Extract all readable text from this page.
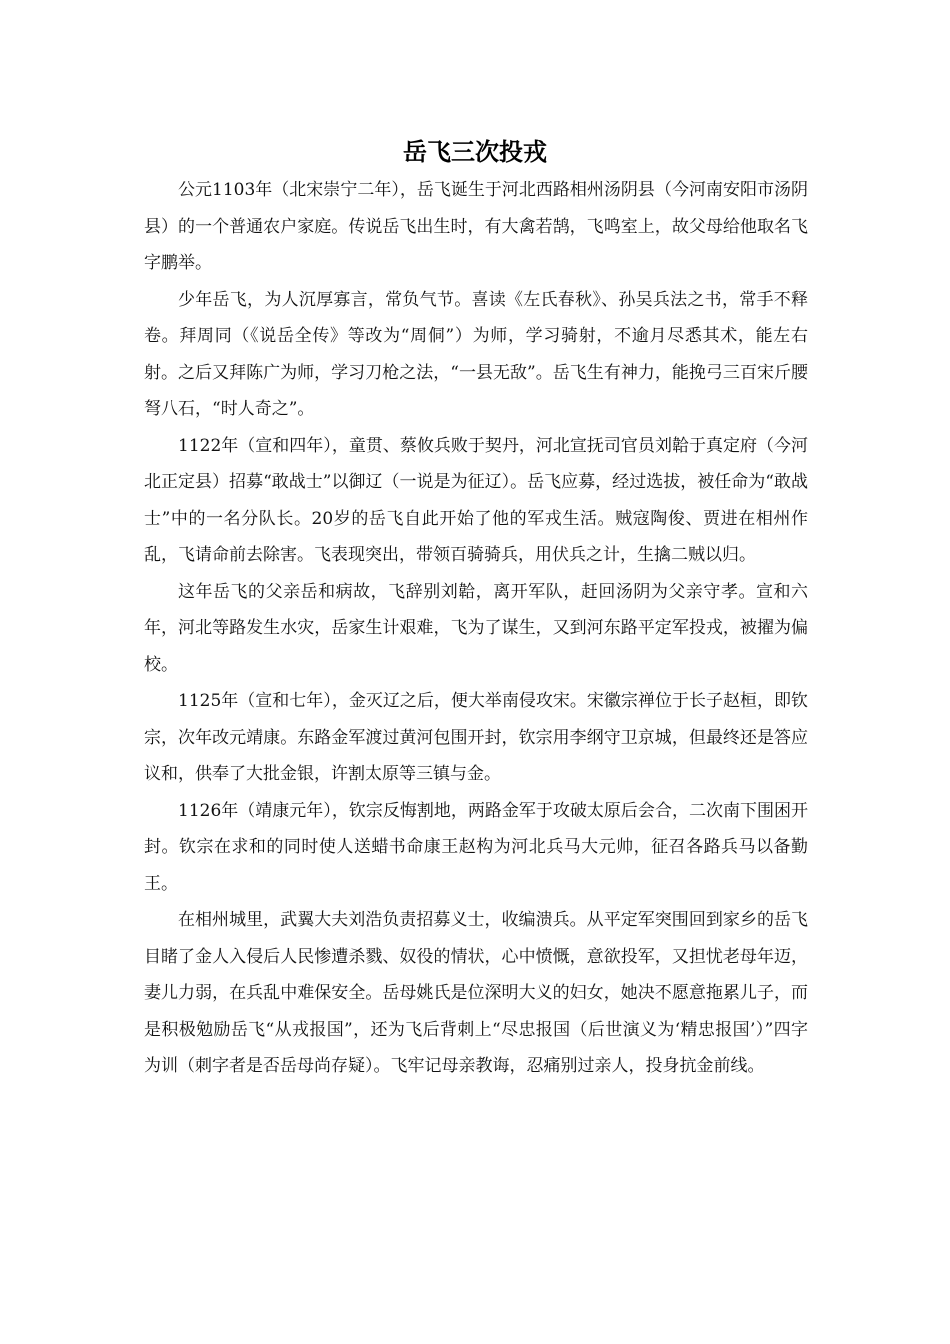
岳飞三次投戎

公元1103年（北宋崇宁二年），岳飞诞生于河北西路相州汤阴县（今河南安阳市汤阴县）的一个普通农户家庭。传说岳飞出生时，有大禽若鹄，飞鸣室上，故父母给他取名飞字鹏举。

少年岳飞，为人沉厚寡言，常负气节。喜读《左氏春秋》、孙吴兵法之书，常手不释卷。拜周同（《说岳全传》等改为“周侗”）为师，学习骑射，不逾月尽悉其术，能左右射。之后又拜陈广为师，学习刀枪之法，“一县无敌”。岳飞生有神力，能挽弓三百宋斤腰弩八石，“时人奇之”。

1122年（宣和四年），童贯、蔡攸兵败于契丹，河北宣抚司官员刘韐于真定府（今河北正定县）招募“敢战士”以御辽（一说是为征辽）。岳飞应募，经过选拔，被任命为“敢战士”中的一名分队长。20岁的岳飞自此开始了他的军戎生活。贼寇陶俊、贾进在相州作乱，飞请命前去除害。飞表现突出，带领百骑骑兵，用伏兵之计，生擒二贼以归。

这年岳飞的父亲岳和病故，飞辞别刘韐，离开军队，赶回汤阴为父亲守孝。宣和六年，河北等路发生水灾，岳家生计艰难，飞为了谋生，又到河东路平定军投戎，被擢为偏校。

1125年（宣和七年），金灭辽之后，便大举南侵攻宋。宋徽宗禅位于长子赵桓，即钦宗，次年改元靖康。东路金军渡过黄河包围开封，钦宗用李纲守卫京城，但最终还是答应议和，供奉了大批金银，许割太原等三镇与金。

1126年（靖康元年），钦宗反悔割地，两路金军于攻破太原后会合，二次南下围困开封。钦宗在求和的同时使人送蜡书命康王赵构为河北兵马大元帅，征召各路兵马以备勤王。

在相州城里，武翼大夫刘浩负责招募义士，收编溃兵。从平定军突围回到家乡的岳飞目睹了金人入侵后人民惨遭杀戮、奴役的情状，心中愤慨，意欲投军，又担忧老母年迈，妻儿力弱，在兵乱中难保安全。岳母姚氏是位深明大义的妇女，她决不愿意拖累儿子，而是积极勉励岳飞“从戎报国”，还为飞后背刺上“尽忠报国（后世演义为‘精忠报国’）”四字为训（刺字者是否岳母尚存疑）。飞牢记母亲教诲，忍痛别过亲人，投身抗金前线。
